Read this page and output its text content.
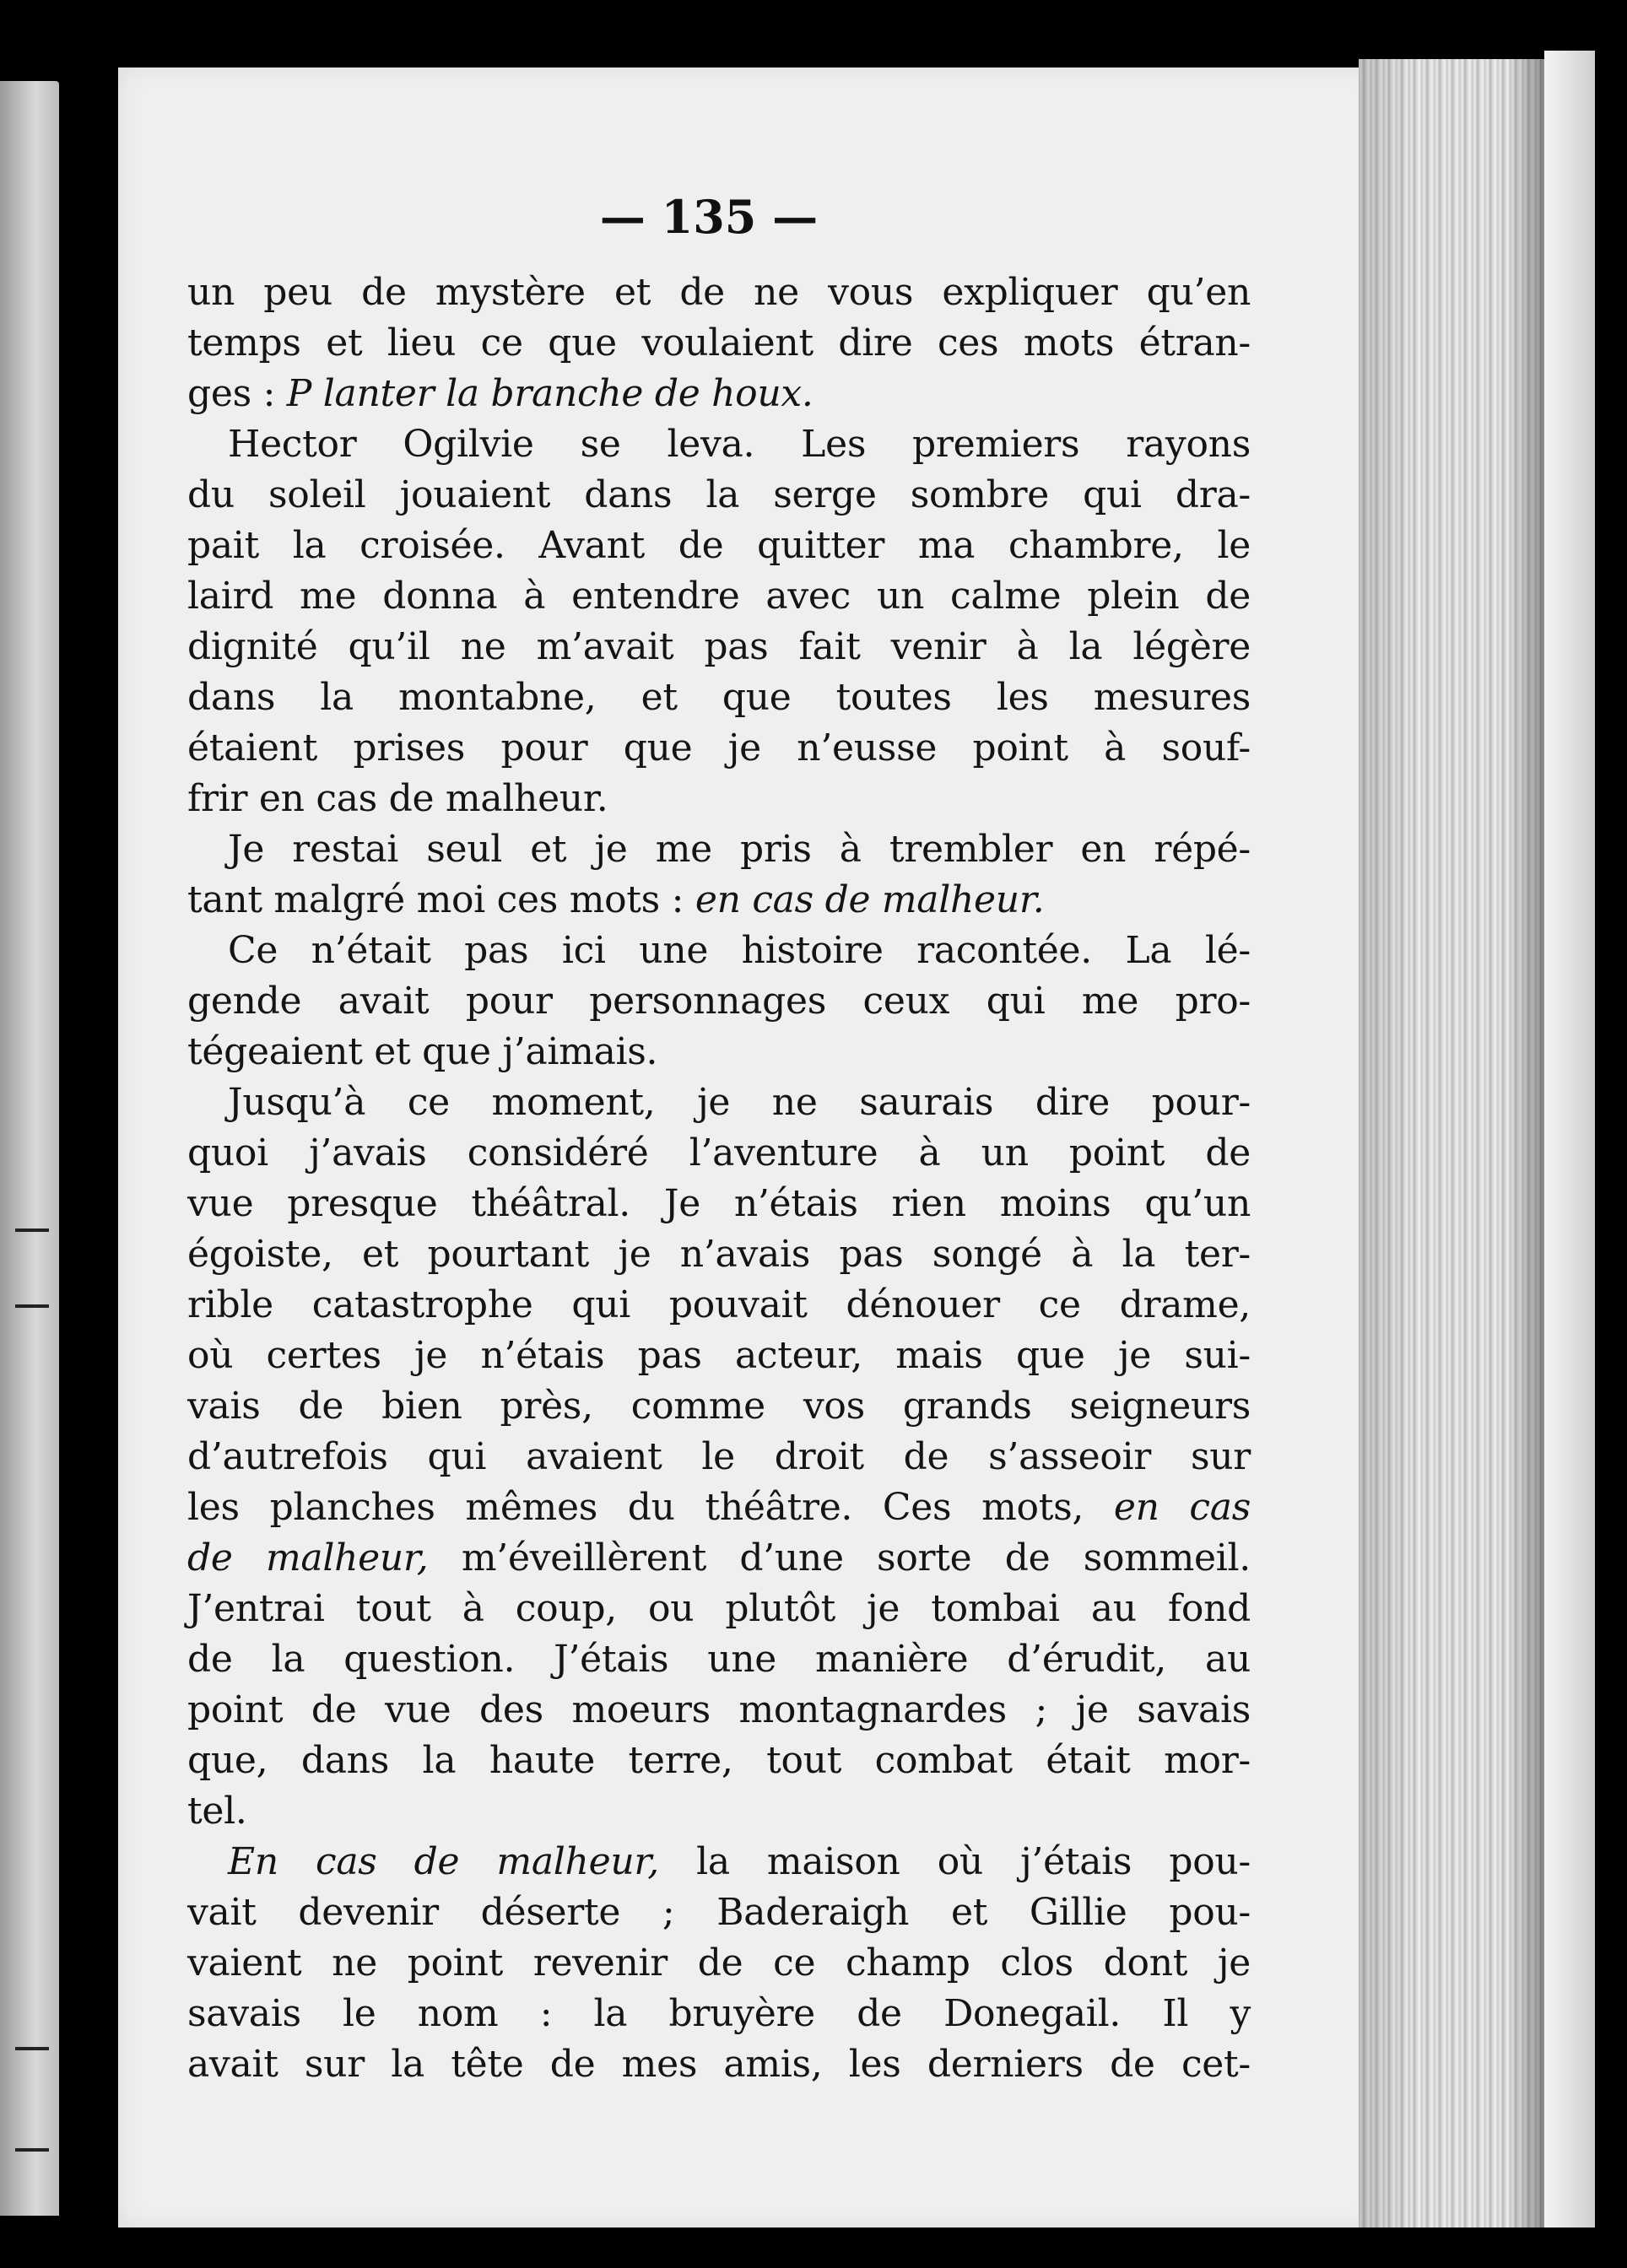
— 135 —
un peu de mystère et de ne vous expliquer qu’en
temps et lieu ce que voulaient dire ces mots étran-
ges : P lanter la branche de houx.
Hector Ogilvie se leva. Les premiers rayons
du soleil jouaient dans la serge sombre qui dra-
pait la croisée. Avant de quitter ma chambre, le
laird me donna à entendre avec un calme plein de
dignité qu’il ne m’avait pas fait venir à la légère
dans la montabne, et que toutes les mesures
étaient prises pour que je n’eusse point à souf-
frir en cas de malheur.
Je restai seul et je me pris à trembler en répé-
tant malgré moi ces mots : en cas de malheur.
Ce n’était pas ici une histoire racontée. La lé-
gende avait pour personnages ceux qui me pro-
tégeaient et que j’aimais.
Jusqu’à ce moment, je ne saurais dire pour-
quoi j’avais considéré l’aventure à un point de
vue presque théâtral. Je n’étais rien moins qu’un
égoiste, et pourtant je n’avais pas songé à la ter-
rible catastrophe qui pouvait dénouer ce drame,
où certes je n’étais pas acteur, mais que je sui-
vais de bien près, comme vos grands seigneurs
d’autrefois qui avaient le droit de s’asseoir sur
les planches mêmes du théâtre. Ces mots, en cas
de malheur, m’éveillèrent d’une sorte de sommeil.
J’entrai tout à coup, ou plutôt je tombai au fond
de la question. J’étais une manière d’érudit, au
point de vue des moeurs montagnardes ; je savais
que, dans la haute terre, tout combat était mor-
tel.
En cas de malheur, la maison où j’étais pou-
vait devenir déserte ; Baderaigh et Gillie pou-
vaient ne point revenir de ce champ clos dont je
savais le nom : la bruyère de Donegail. Il y
avait sur la tête de mes amis, les derniers de cet-
